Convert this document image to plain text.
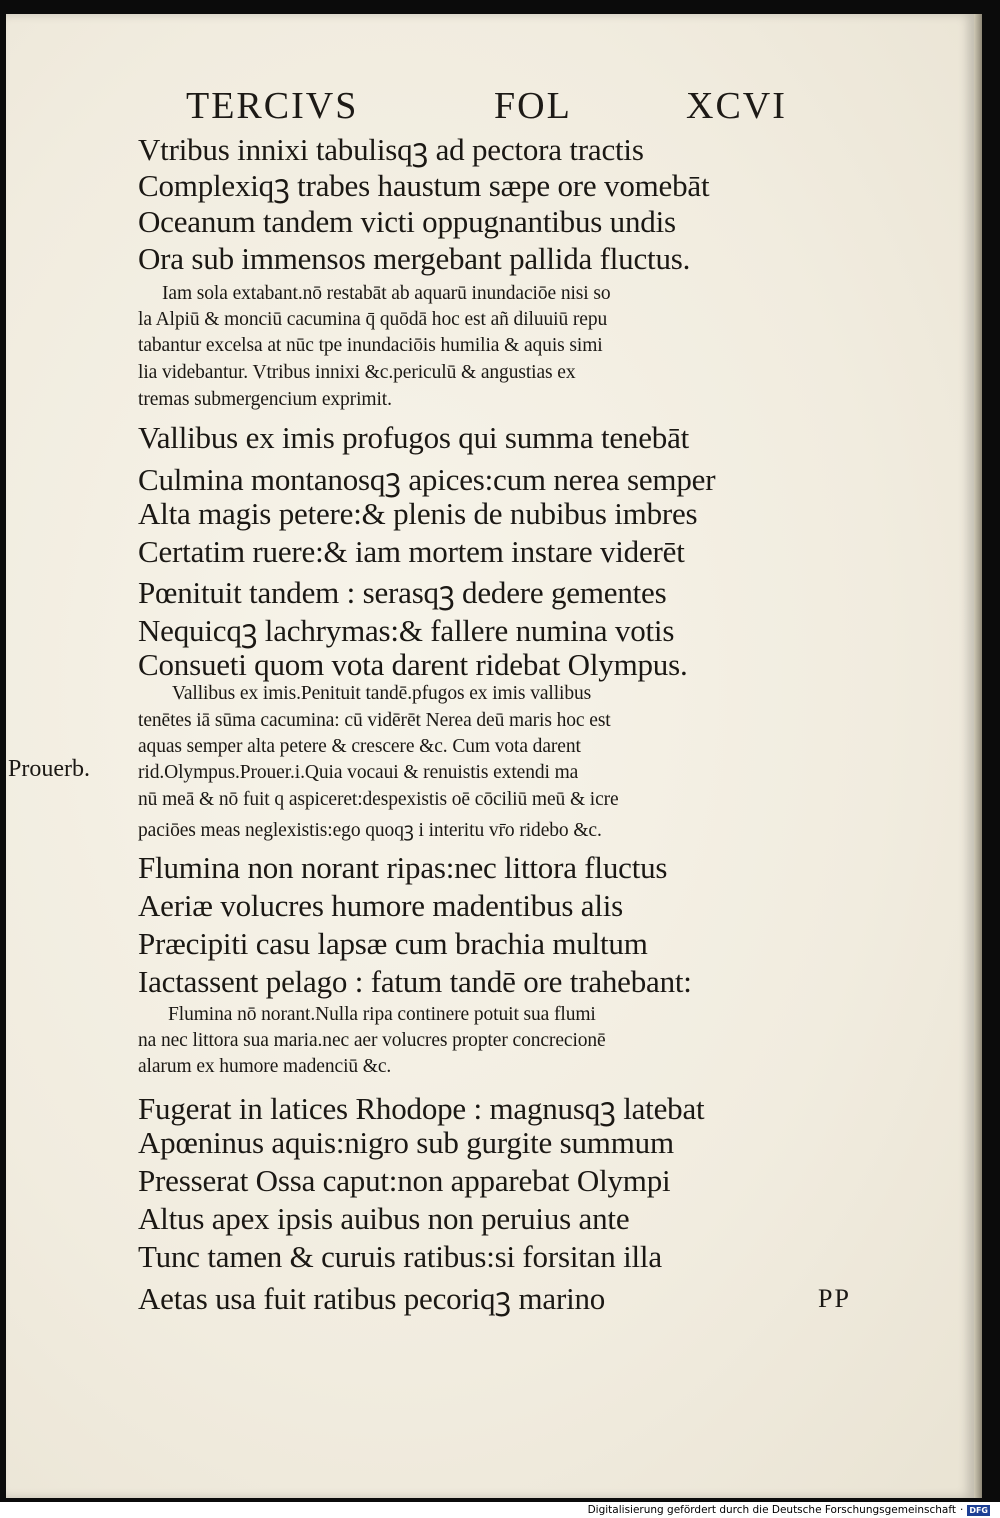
TERCIVS	FOL	XCVI
Vtribus innixi tabulisqꝫ ad pectora tractis
Complexiqꝫ trabes haustum sæpe ore vomebāt
Oceanum tandem victi oppugnantibus undis
Ora sub immensos mergebant pallida fluctus.
Iam sola extabant.nō restabāt ab aquarū inundaciōe nisi so
la Alpiū & monciū cacumina q̄ quōdā hoc est añ diluuiū repu
tabantur excelsa at nūc tpe inundaciōis humilia & aquis simi
lia videbantur. Vtribus innixi &c.periculū & angustias ex
tremas submergencium exprimit.
Vallibus ex imis profugos qui summa tenebāt
Culmina montanosqꝫ apices:cum nerea semper
Alta magis petere:& plenis de nubibus imbres
Certatim ruere:& iam mortem instare viderēt
Pœnituit tandem : serasqꝫ dedere gementes
Nequicqꝫ lachrymas:& fallere numina votis
Consueti quom vota darent ridebat Olympus.
Vallibus ex imis.Penituit tandē.pfugos ex imis vallibus
tenētes iā sūma cacumina: cū vidērēt Nerea deū maris hoc est
aquas semper alta petere & crescere &c. Cum vota darent
rid.Olympus.Prouer.i.Quia vocaui & renuistis extendi ma
nū meā & nō fuit q aspiceret:despexistis oē cōciliū meū & icre
paciōes meas neglexistis:ego quoqꝫ i interitu vr̄o ridebo &c.
Flumina non norant ripas:nec littora fluctus
Aeriæ volucres humore madentibus alis
Præcipiti casu lapsæ cum brachia multum
Iactassent pelago : fatum tandē ore trahebant:
Flumina nō norant.Nulla ripa continere potuit sua flumi
na nec littora sua maria.nec aer volucres propter concrecionē
alarum ex humore madenciū &c.
Fugerat in latices Rhodope : magnusqꝫ latebat
Apœninus aquis:nigro sub gurgite summum
Presserat Ossa caput:non apparebat Olympi
Altus apex ipsis auibus non peruius ante
Tunc tamen & curuis ratibus:si forsitan illa
Aetas usa fuit ratibus pecoriqꝫ marino
Prouerb.
PP
Digitalisierung gefördert durch die Deutsche Forschungsgemeinschaft · DFG
